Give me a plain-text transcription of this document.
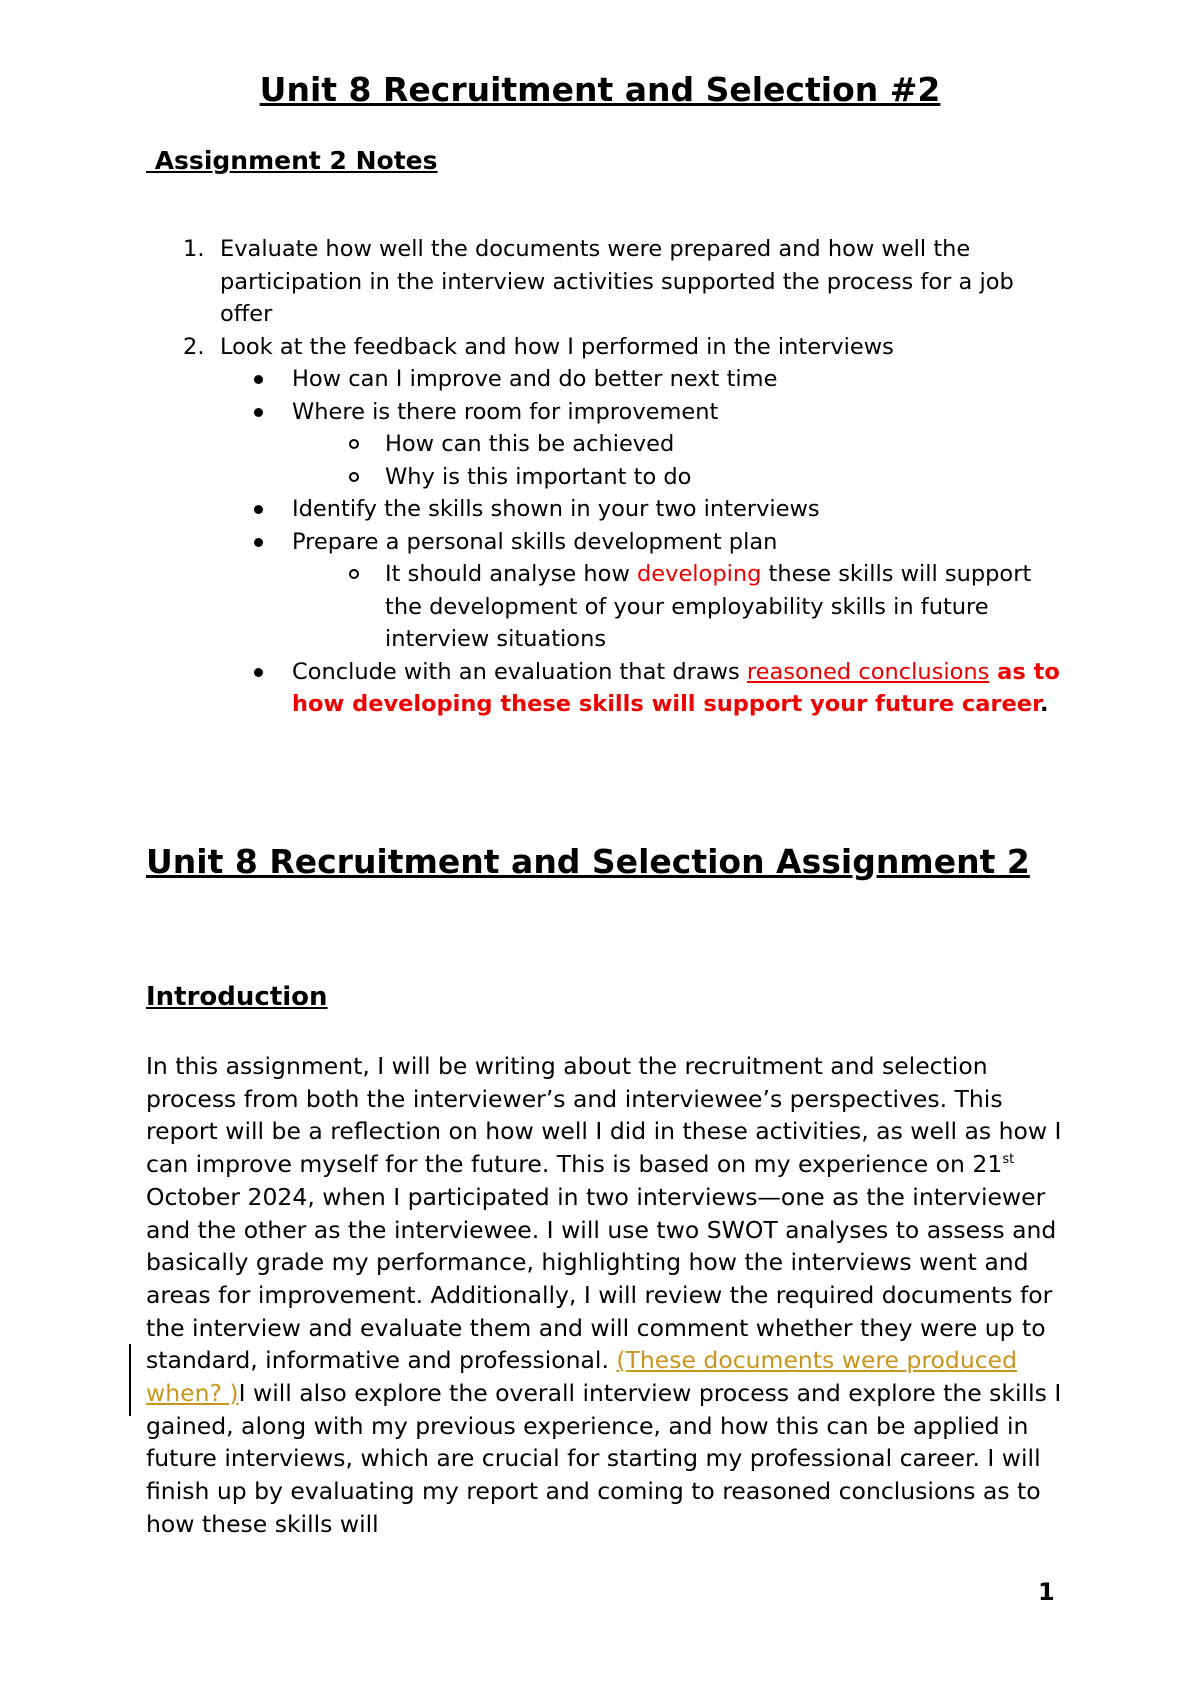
Unit 8 Recruitment and Selection #2
Assignment 2 Notes
1. Evaluate how well the documents were prepared and how well the participation in the interview activities supported the process for a job offer
2. Look at the feedback and how I performed in the interviews
How can I improve and do better next time
Where is there room for improvement
How can this be achieved
Why is this important to do
Identify the skills shown in your two interviews
Prepare a personal skills development plan
It should analyse how developing these skills will support the development of your employability skills in future interview situations
Conclude with an evaluation that draws reasoned conclusions as to how developing these skills will support your future career.
Unit 8 Recruitment and Selection Assignment 2
Introduction

In this assignment, I will be writing about the recruitment and selection process from both the interviewer’s and interviewee’s perspectives. This report will be a reflection on how well I did in these activities, as well as how I can improve myself for the future. This is based on my experience on 21st October 2024, when I participated in two interviews—one as the interviewer and the other as the interviewee. I will use two SWOT analyses to assess and basically grade my performance, highlighting how the interviews went and areas for improvement. Additionally, I will review the required documents for the interview and evaluate them and will comment whether they were up to standard, informative and professional. (These documents were produced when? )I will also explore the overall interview process and explore the skills I gained, along with my previous experience, and how this can be applied in future interviews, which are crucial for starting my professional career. I will finish up by evaluating my report and coming to reasoned conclusions as to how these skills will

1
